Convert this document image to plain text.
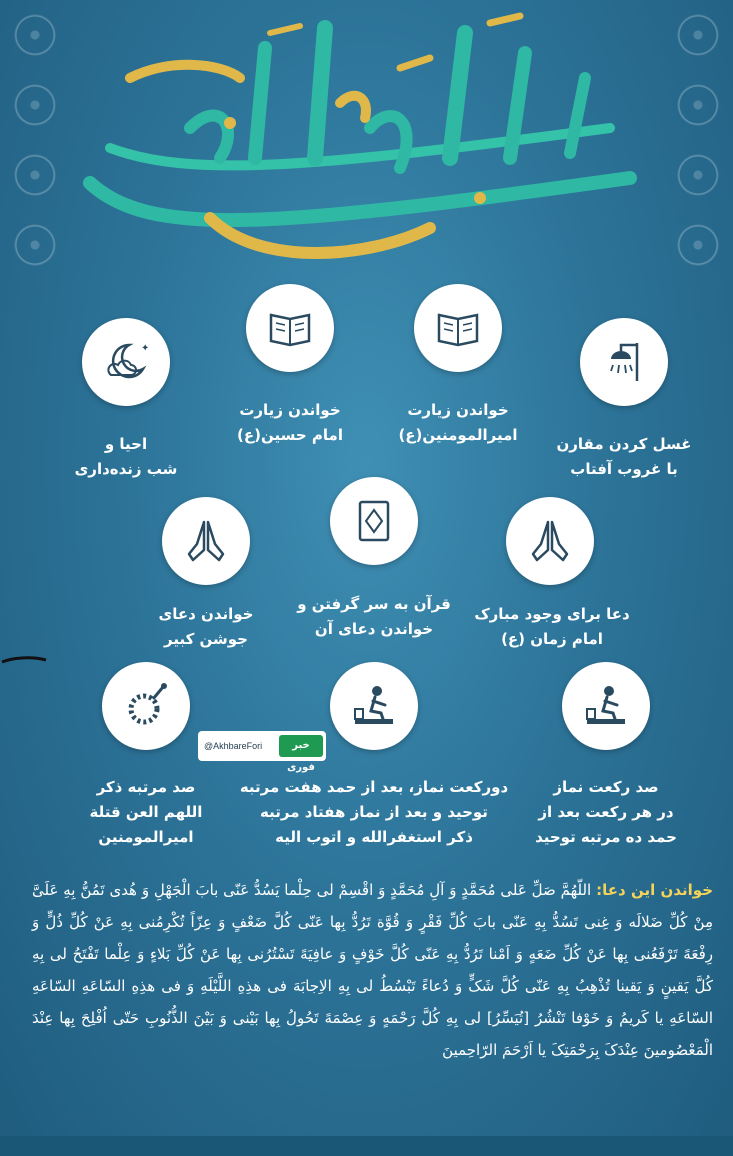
✦
احیا و
شب زنده‌داری
خواندن زیارت
امام حسین(ع)
خواندن زیارت
امیرالمومنین(ع)	غسل کردن مقارن
با غروب آفتاب
خواندن دعای
جوشن کبیر
قرآن به سر گرفتن و
خواندن دعای آن
دعا برای وجود مبارک
امام زمان (ع)
صد مرتبه ذکر
اللهم العن قتلة
امیرالمومنین
دورکعت نماز، بعد از حمد هفت مرتبه
توحید و بعد از نماز هفتاد مرتبه
ذکر استغفرالله و اتوب الیه
صد رکعت نماز
در هر رکعت بعد از
حمد ده مرتبه توحید
@AkhbareFori	خبر فوری
خواندن این دعا: اللّهُمَّ صَلِّ عَلی مُحَمَّدٍ وَ آلِ مُحَمَّدٍ وَ اقْسِمْ لی حِلْما یَسُدُّ عَنّی بابَ الْجَهْلِ وَ هُدی تَمُنُّ بِهِ عَلَیَّ مِنْ کُلِّ ضَلالَه وَ غِنی تَسُدُّ بِهِ عَنّی بابَ کُلِّ فَقْرٍ وَ قُوَّة تَرُدُّ بِها عَنّی کُلَّ ضَعْفٍ وَ عِزّاً تُکْرِمُنی بِهِ عَنْ کُلِّ ذُلٍّ وَ رِفْعَهً تَرْفَعُنی بِها عَنْ کُلِّ ضَعَهٍ وَ اَمْنا تَرُدُّ بِهِ عَنّی کُلَّ خَوْفٍ وَ عافِیَهً تَسْتُرُنی بِها عَنْ کُلِّ بَلاءٍ وَ عِلْما تَفْتَحُ لی بِهِ کُلَّ یَقینٍ وَ یَقینا تُذْهِبُ بِهِ عَنّی کُلَّ شَکٍّ وَ دُعاءً تَبْسُطُ لی بِهِ الاِجابَهَ فی هذِهِ اللَّیْلَهِ وَ فی هذِهِ السّاعَهِ السّاعَهِ السّاعَهِ یا کَریمُ وَ خَوْفا تَنْشُرُ [تُیَسِّرُ] لی بِهِ کُلَّ رَحْمَهٍ وَ عِصْمَهً تَحُولُ بِها بَیْنی وَ بَیْنَ الذُّنُوبِ حَتّی اُفْلِحَ بِها عِنْدَ الْمَعْصُومینَ عِنْدَکَ بِرَحْمَتِکَ یا اَرْحَمَ الرّاحِمینَ
